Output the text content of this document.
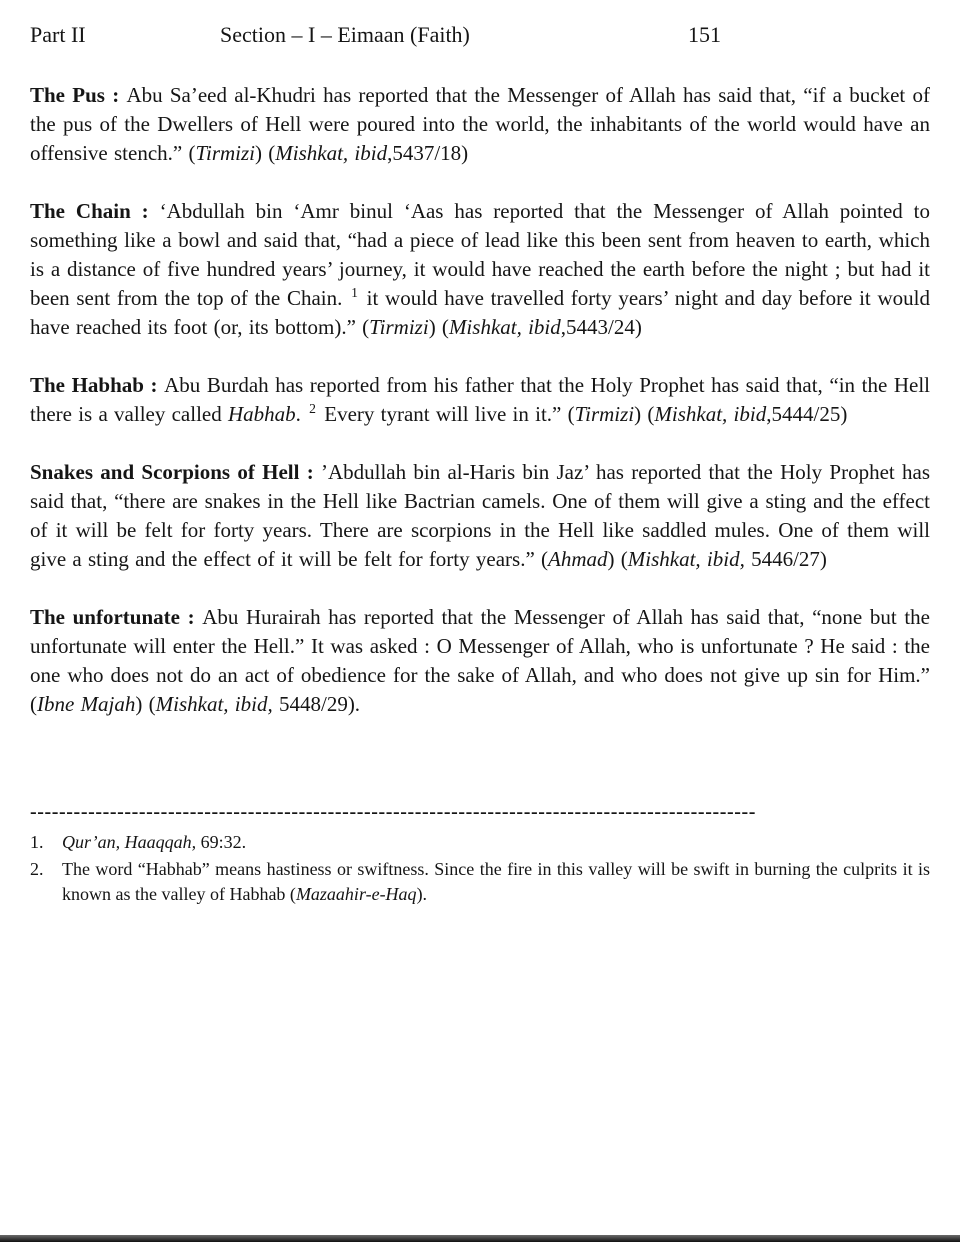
Part II	Section – I – Eimaan (Faith)	151

The Pus : Abu Sa’eed al-Khudri has reported that the Messenger of Allah has said that, “if a bucket of the pus of the Dwellers of Hell were poured into the world, the inhabitants of the world would have an offensive stench.” (Tirmizi) (Mishkat, ibid,5437/18)

The Chain : ‘Abdullah bin ‘Amr binul ‘Aas has reported that the Messenger of Allah pointed to something like a bowl and said that, “had a piece of lead like this been sent from heaven to earth, which is a distance of five hundred years’ journey, it would have reached the earth before the night ; but had it been sent from the top of the Chain. $^1$ it would have travelled forty years’ night and day before it would have reached its foot (or, its bottom).” (Tirmizi) (Mishkat, ibid,5443/24)

The Habhab : Abu Burdah has reported from his father that the Holy Prophet has said that, “in the Hell there is a valley called Habhab. $^2$ Every tyrant will live in it.” (Tirmizi) (Mishkat, ibid,5444/25)

Snakes and Scorpions of Hell : ’Abdullah bin al-Haris bin Jaz’ has reported that the Holy Prophet has said that, “there are snakes in the Hell like Bactrian camels. One of them will give a sting and the effect of it will be felt for forty years. There are scorpions in the Hell like saddled mules. One of them will give a sting and the effect of it will be felt for forty years.” (Ahmad) (Mishkat, ibid, 5446/27)

The unfortunate : Abu Hurairah has reported that the Messenger of Allah has said that, “none but the unfortunate will enter the Hell.” It was asked : O Messenger of Allah, who is unfortunate ? He said : the one who does not do an act of obedience for the sake of Allah, and who does not give up sin for Him.” (Ibne Majah) (Mishkat, ibid, 5448/29).

----------------------------------------------------------------------------------------------------
1.	Qur’an, Haaqqah, 69:32.
2.	The word “Habhab” means hastiness or swiftness. Since the fire in this valley will be swift in burning the culprits it is known as the valley of Habhab (Mazaahir-e-Haq).
